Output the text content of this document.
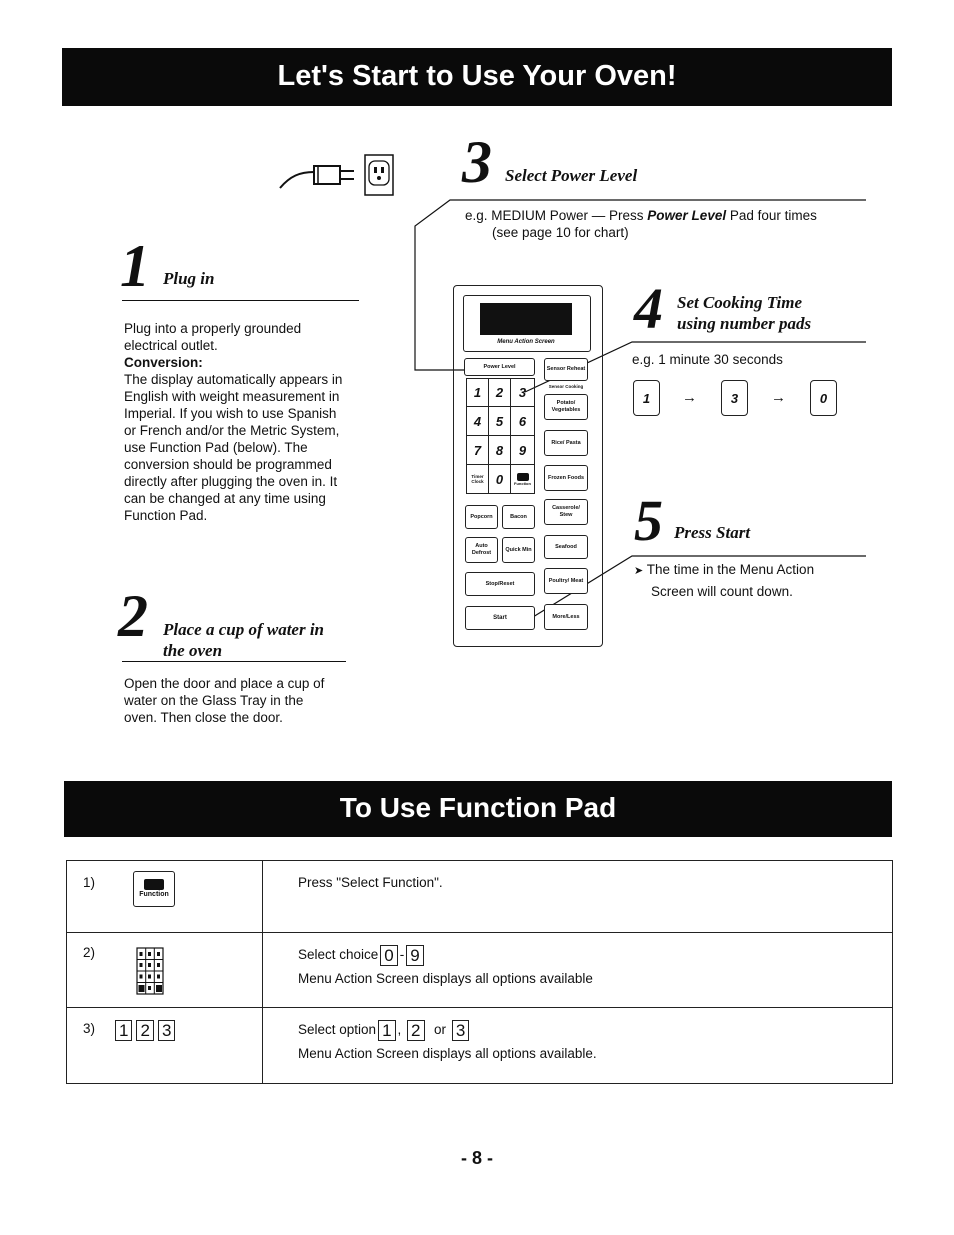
Let's Start to Use Your Oven!
1 Plug in
Plug into a properly grounded
electrical outlet.
Conversion:
The display automatically appears in
English with weight measurement in
Imperial. If you wish to use Spanish
or French and/or the Metric System,
use Function Pad (below). The
conversion should be programmed
directly after plugging the oven in. It
can be changed at any time using
Function Pad.
2 Place a cup of water in
the oven
Open the door and place a cup of
water on the Glass Tray in the
oven. Then close the door.
3 Select Power Level
e.g. MEDIUM Power — Press Power Level Pad four times
(see page 10 for chart)
Menu Action Screen
Power Level	Sensor Reheat
Sensor Cooking
1	2	3
4	5	6
7	8	9
Timer Clock 0	Function
Potato/ Vegetables
Rice/ Pasta
Frozen Foods
Casserole/ Stew
Seafood
Poultry/ Meat
More/Less
Popcorn	Bacon
Auto Defrost
Quick Min
Stop/Reset
Start
4 Set Cooking Time
using number pads
e.g. 1 minute 30 seconds
1	→	3	→	0
5 Press Start
➤ The time in the Menu Action
Screen will count down.
To Use Function Pad
1)
Function	Press "Select Function".

2)	Select choice 0 - 9
Menu Action Screen displays all options available

3) 1 2 3	Select option 1 , 2 or 3
Menu Action Screen displays all options available.
- 8 -
